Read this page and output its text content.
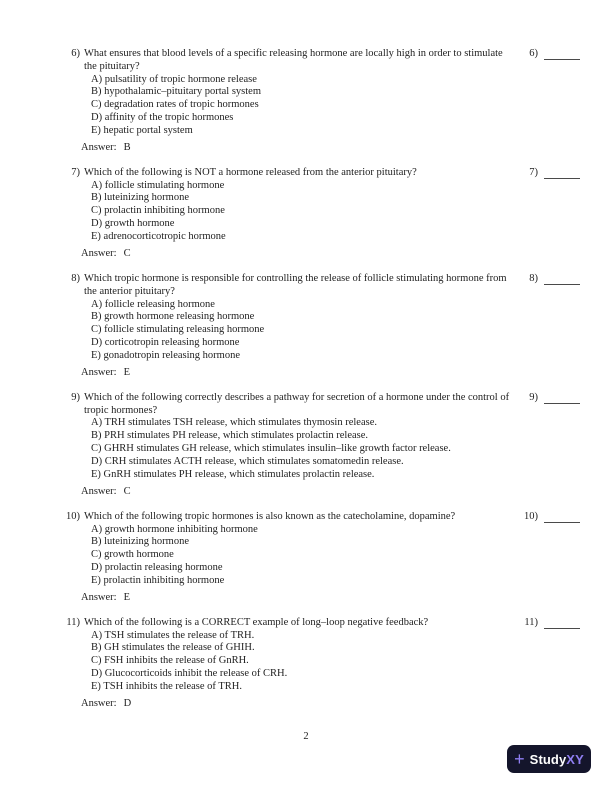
6) What ensures that blood levels of a specific releasing hormone are locally high in order to stimulate the pituitary?
A) pulsatility of tropic hormone release
B) hypothalamic–pituitary portal system
C) degradation rates of tropic hormones
D) affinity of the tropic hormones
E) hepatic portal system
Answer: B
6)
7) Which of the following is NOT a hormone released from the anterior pituitary?
A) follicle stimulating hormone
B) luteinizing hormone
C) prolactin inhibiting hormone
D) growth hormone
E) adrenocorticotropic hormone
Answer: C
7)
8) Which tropic hormone is responsible for controlling the release of follicle stimulating hormone from the anterior pituitary?
A) follicle releasing hormone
B) growth hormone releasing hormone
C) follicle stimulating releasing hormone
D) corticotropin releasing hormone
E) gonadotropin releasing hormone
Answer: E
8)
9) Which of the following correctly describes a pathway for secretion of a hormone under the control of tropic hormones?
A) TRH stimulates TSH release, which stimulates thymosin release.
B) PRH stimulates PH release, which stimulates prolactin release.
C) GHRH stimulates GH release, which stimulates insulin–like growth factor release.
D) CRH stimulates ACTH release, which stimulates somatomedin release.
E) GnRH stimulates PH release, which stimulates prolactin release.
Answer: C
9)
10) Which of the following tropic hormones is also known as the catecholamine, dopamine?
A) growth hormone inhibiting hormone
B) luteinizing hormone
C) growth hormone
D) prolactin releasing hormone
E) prolactin inhibiting hormone
Answer: E
10)
11) Which of the following is a CORRECT example of long–loop negative feedback?
A) TSH stimulates the release of TRH.
B) GH stimulates the release of GHIH.
C) FSH inhibits the release of GnRH.
D) Glucocorticoids inhibit the release of CRH.
E) TSH inhibits the release of TRH.
Answer: D
11)
2
+ StudyXY
